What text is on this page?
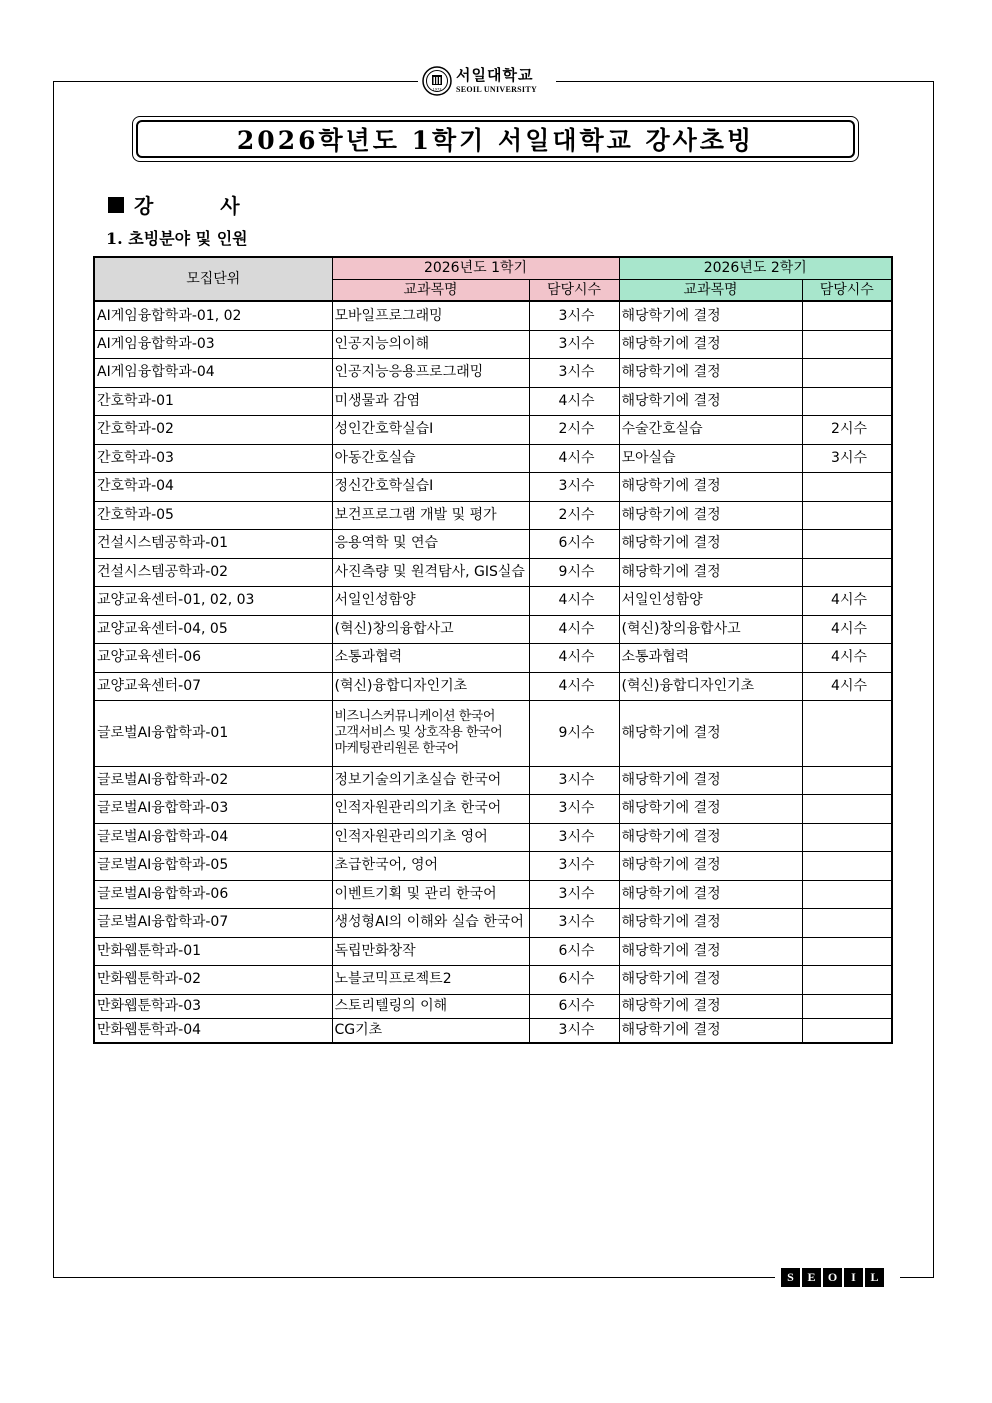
1973
서일대학교
SEOIL UNIVERSITY
2026학년도 1학기 서일대학교 강사초빙
강 사
1. 초빙분야 및 인원
모집단위	2026년도 1학기		2026년도 2학기	
	교과목명	담당시수	교과목명	담당시수
AI게임융합학과-01, 02	모바일프로그래밍	3시수	해당학기에 결정	
AI게임융합학과-03	인공지능의이해	3시수	해당학기에 결정	
AI게임융합학과-04	인공지능응용프로그래밍	3시수	해당학기에 결정	
간호학과-01	미생물과 감염	4시수	해당학기에 결정	
간호학과-02	성인간호학실습Ⅰ	2시수	수술간호실습	2시수
간호학과-03	아동간호실습	4시수	모아실습	3시수
간호학과-04	정신간호학실습Ⅰ	3시수	해당학기에 결정	
간호학과-05	보건프로그램 개발 및 평가	2시수	해당학기에 결정	
건설시스템공학과-01	응용역학 및 연습	6시수	해당학기에 결정	
건설시스템공학과-02	사진측량 및 원격탐사, GIS실습	9시수	해당학기에 결정	
교양교육센터-01, 02, 03	서일인성함양	4시수	서일인성함양	4시수
교양교육센터-04, 05	(혁신)창의융합사고	4시수	(혁신)창의융합사고	4시수
교양교육센터-06	소통과협력	4시수	소통과협력	4시수
교양교육센터-07	(혁신)융합디자인기초	4시수	(혁신)융합디자인기초	4시수
글로벌AI융합학과-01	비즈니스커뮤니케이션 한국어
고객서비스 및 상호작용 한국어
마케팅관리원론 한국어	9시수	해당학기에 결정	
글로벌AI융합학과-02	정보기술의기초실습 한국어	3시수	해당학기에 결정	
글로벌AI융합학과-03	인적자원관리의기초 한국어	3시수	해당학기에 결정	
글로벌AI융합학과-04	인적자원관리의기초 영어	3시수	해당학기에 결정	
글로벌AI융합학과-05	초급한국어, 영어	3시수	해당학기에 결정	
글로벌AI융합학과-06	이벤트기획 및 관리 한국어	3시수	해당학기에 결정	
글로벌AI융합학과-07	생성형AI의 이해와 실습 한국어	3시수	해당학기에 결정	
만화웹툰학과-01	독립만화창작	6시수	해당학기에 결정	
만화웹툰학과-02	노블코믹프로젝트2	6시수	해당학기에 결정	
만화웹툰학과-03	스토리텔링의 이해	6시수	해당학기에 결정	
만화웹툰학과-04	CG기초	3시수	해당학기에 결정	
S	E	O	I	L
